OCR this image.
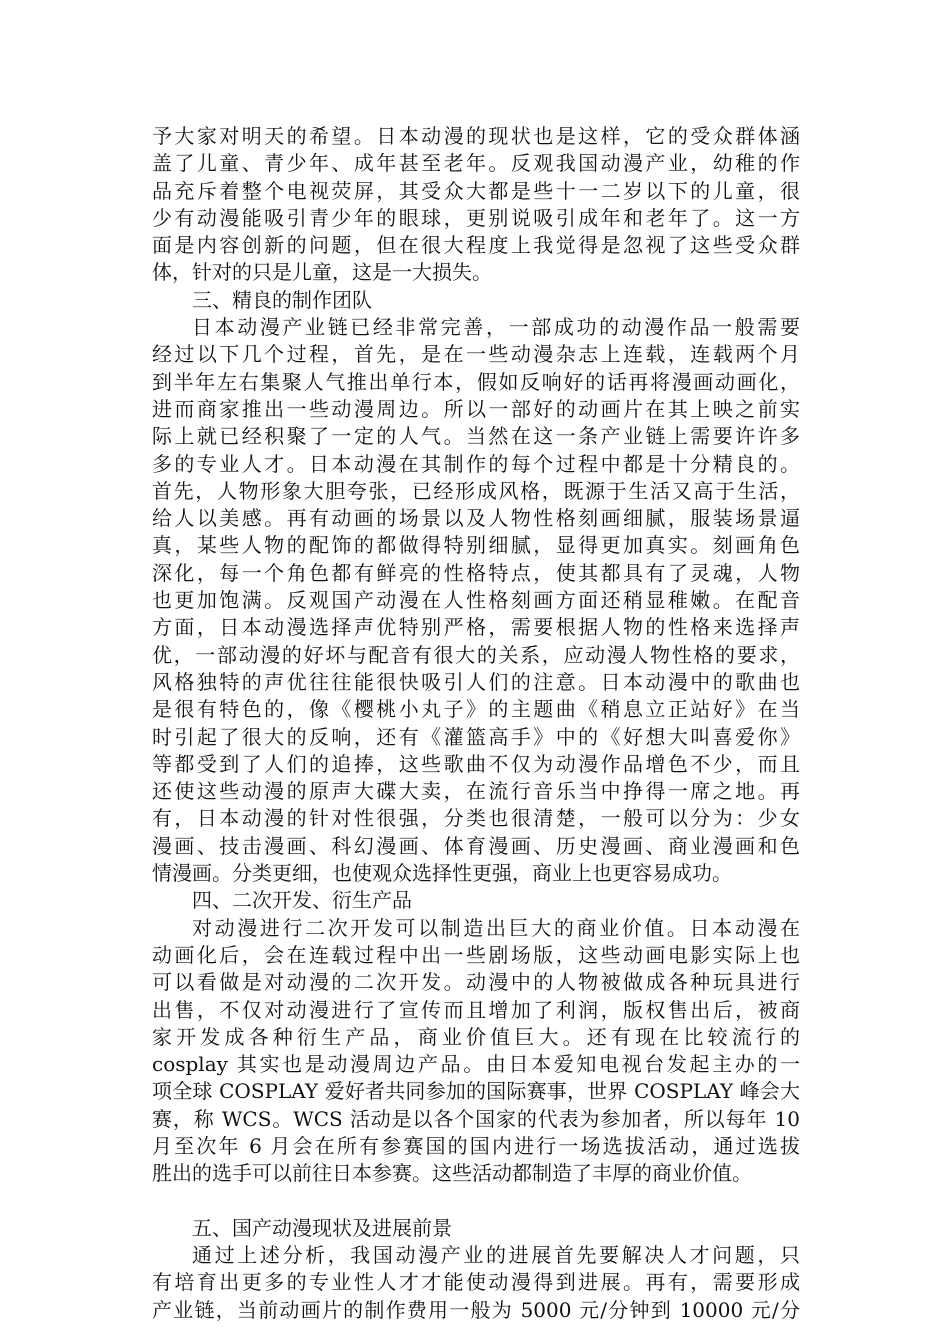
予大家对明天的希望。日本动漫的现状也是这样，它的受众群体涵
盖了儿童、青少年、成年甚至老年。反观我国动漫产业，幼稚的作
品充斥着整个电视荧屏，其受众大都是些十一二岁以下的儿童，很
少有动漫能吸引青少年的眼球，更别说吸引成年和老年了。这一方
面是内容创新的问题，但在很大程度上我觉得是忽视了这些受众群
体，针对的只是儿童，这是一大损失。
三、精良的制作团队
日本动漫产业链已经非常完善，一部成功的动漫作品一般需要
经过以下几个过程，首先，是在一些动漫杂志上连载，连载两个月
到半年左右集聚人气推出单行本，假如反响好的话再将漫画动画化，
进而商家推出一些动漫周边。所以一部好的动画片在其上映之前实
际上就已经积聚了一定的人气。当然在这一条产业链上需要许许多
多的专业人才。日本动漫在其制作的每个过程中都是十分精良的。
首先，人物形象大胆夸张，已经形成风格，既源于生活又高于生活，
给人以美感。再有动画的场景以及人物性格刻画细腻，服装场景逼
真，某些人物的配饰的都做得特别细腻，显得更加真实。刻画角色
深化，每一个角色都有鲜亮的性格特点，使其都具有了灵魂，人物
也更加饱满。反观国产动漫在人性格刻画方面还稍显稚嫩。在配音
方面，日本动漫选择声优特别严格，需要根据人物的性格来选择声
优，一部动漫的好坏与配音有很大的关系，应动漫人物性格的要求，
风格独特的声优往往能很快吸引人们的注意。日本动漫中的歌曲也
是很有特色的，像《樱桃小丸子》的主题曲《稍息立正站好》在当
时引起了很大的反响，还有《灌篮高手》中的《好想大叫喜爱你》
等都受到了人们的追捧，这些歌曲不仅为动漫作品增色不少，而且
还使这些动漫的原声大碟大卖，在流行音乐当中挣得一席之地。再
有，日本动漫的针对性很强，分类也很清楚，一般可以分为：少女
漫画、技击漫画、科幻漫画、体育漫画、历史漫画、商业漫画和色
情漫画。分类更细，也使观众选择性更强，商业上也更容易成功。
四、二次开发、衍生产品
对动漫进行二次开发可以制造出巨大的商业价值。日本动漫在
动画化后，会在连载过程中出一些剧场版，这些动画电影实际上也
可以看做是对动漫的二次开发。动漫中的人物被做成各种玩具进行
出售，不仅对动漫进行了宣传而且增加了利润，版权售出后，被商
家开发成各种衍生产品，商业价值巨大。还有现在比较流行的
cosplay 其实也是动漫周边产品。由日本爱知电视台发起主办的一
项全球 COSPLAY 爱好者共同参加的国际赛事，世界 COSPLAY 峰会大
赛，称 WCS。WCS 活动是以各个国家的代表为参加者，所以每年 10
月至次年 6 月会在所有参赛国的国内进行一场选拔活动，通过选拔
胜出的选手可以前往日本参赛。这些活动都制造了丰厚的商业价值。
五、国产动漫现状及进展前景
通过上述分析，我国动漫产业的进展首先要解决人才问题，只
有培育出更多的专业性人才才能使动漫得到进展。再有，需要形成
产业链，当前动画片的制作费用一般为 5000 元/分钟到 10000 元/分
